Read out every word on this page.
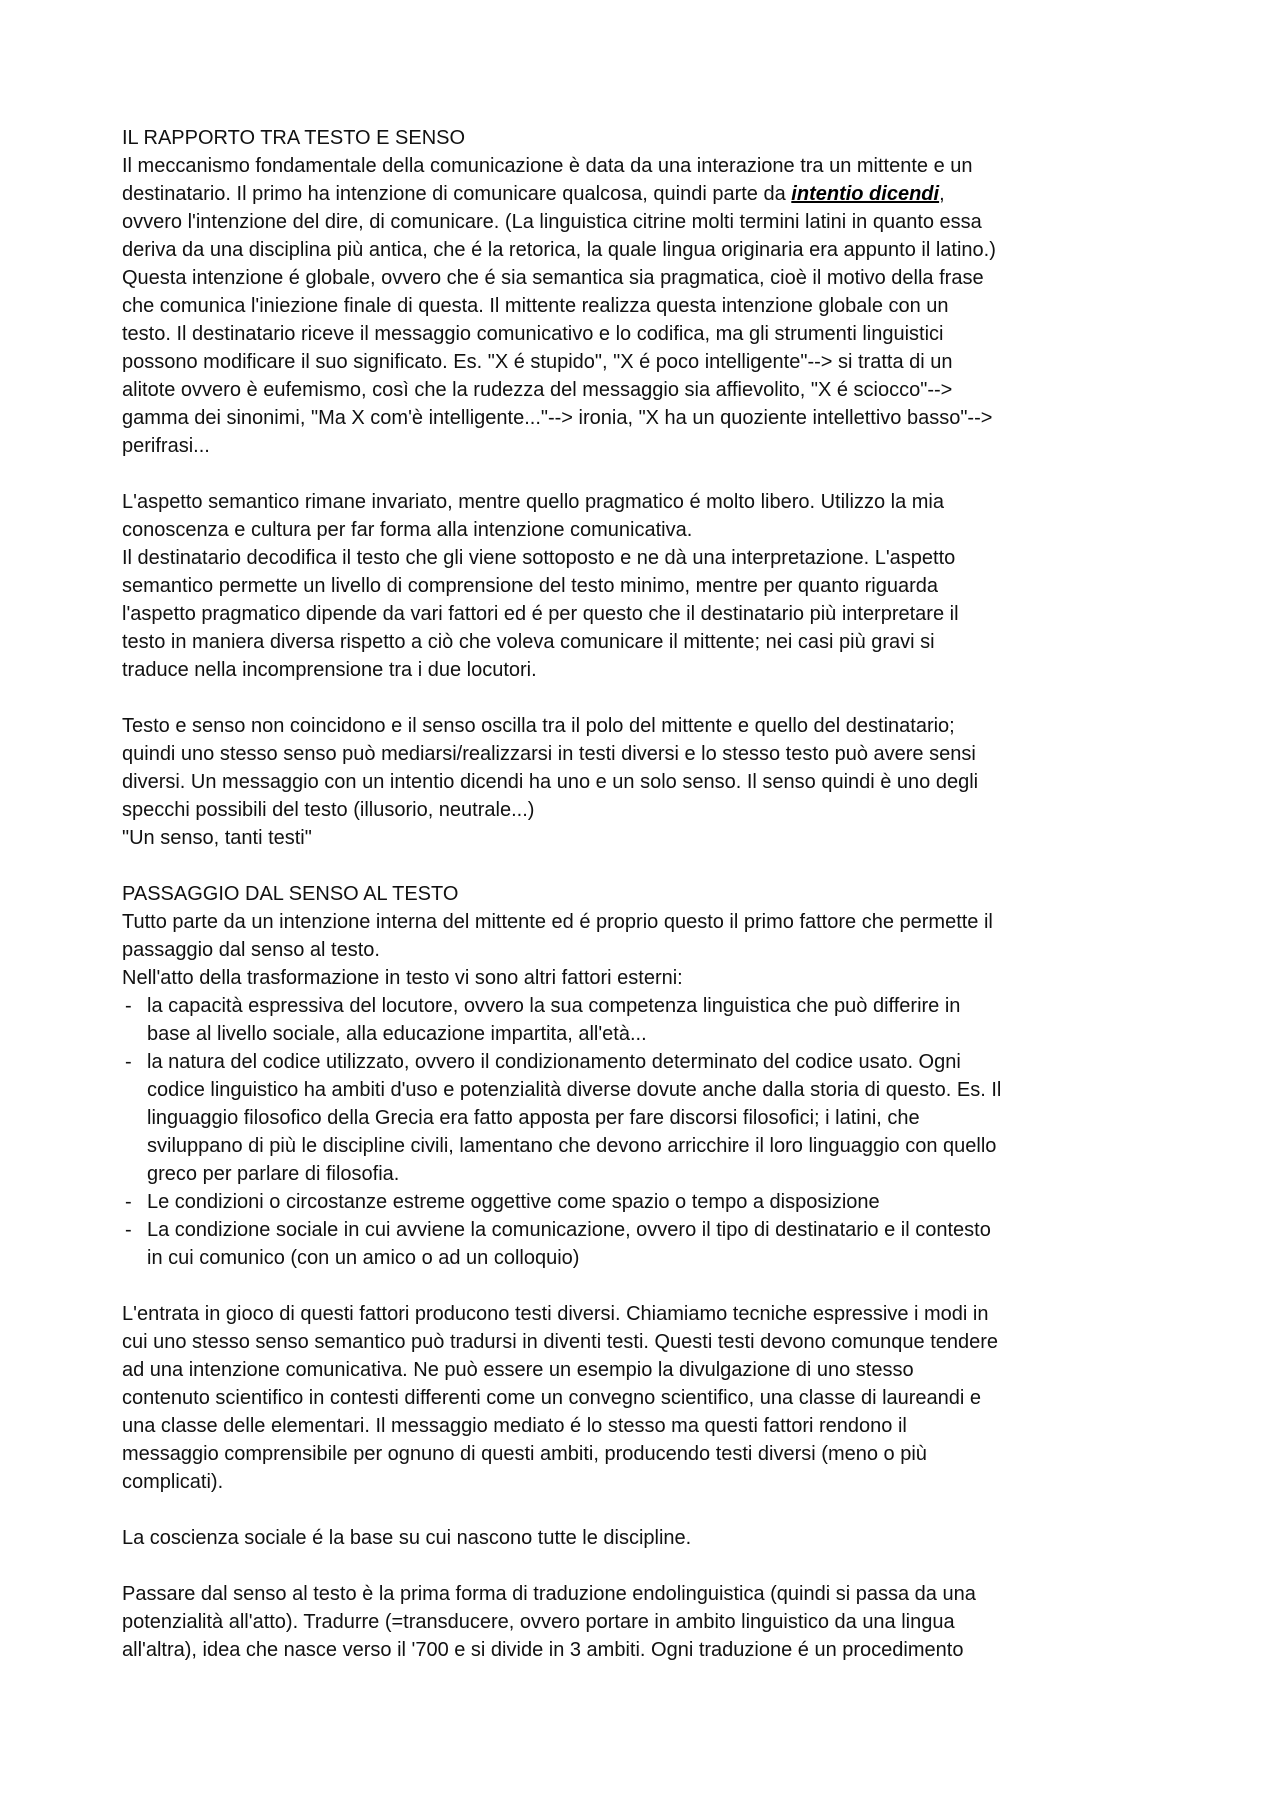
IL RAPPORTO TRA TESTO E SENSO
Il meccanismo fondamentale della comunicazione è data da una interazione tra un mittente e un
destinatario. Il primo ha intenzione di comunicare qualcosa, quindi parte da intentio dicendi,
ovvero l'intenzione del dire, di comunicare. (La linguistica citrine molti termini latini in quanto essa
deriva da una disciplina più antica, che é la retorica, la quale lingua originaria era appunto il latino.)
Questa intenzione é globale, ovvero che é sia semantica sia pragmatica, cioè il motivo della frase
che comunica l'iniezione finale di questa. Il mittente realizza questa intenzione globale con un
testo. Il destinatario riceve il messaggio comunicativo e lo codifica, ma gli strumenti linguistici
possono modificare il suo significato. Es. "X é stupido", "X é poco intelligente"--> si tratta di un
alitote ovvero è eufemismo, così che la rudezza del messaggio sia affievolito, "X é sciocco"-->
gamma dei sinonimi, "Ma X com'è intelligente..."--> ironia, "X ha un quoziente intellettivo basso"-->
perifrasi...
L'aspetto semantico rimane invariato, mentre quello pragmatico é molto libero. Utilizzo la mia
conoscenza e cultura per far forma alla intenzione comunicativa.
Il destinatario decodifica il testo che gli viene sottoposto e ne dà una interpretazione. L'aspetto
semantico permette un livello di comprensione del testo minimo, mentre per quanto riguarda
l'aspetto pragmatico dipende da vari fattori ed é per questo che il destinatario più interpretare il
testo in maniera diversa rispetto a ciò che voleva comunicare il mittente; nei casi più gravi si
traduce nella incomprensione tra i due locutori.
Testo e senso non coincidono e il senso oscilla tra il polo del mittente e quello del destinatario;
quindi uno stesso senso può mediarsi/realizzarsi in testi diversi e lo stesso testo può avere sensi
diversi. Un messaggio con un intentio dicendi ha uno e un solo senso. Il senso quindi è uno degli
specchi possibili del testo (illusorio, neutrale...)
"Un senso, tanti testi"
PASSAGGIO DAL SENSO AL TESTO
Tutto parte da un intenzione interna del mittente ed é proprio questo il primo fattore che permette il
passaggio dal senso al testo.
Nell'atto della trasformazione in testo vi sono altri fattori esterni:
- la capacità espressiva del locutore, ovvero la sua competenza linguistica che può differire in
base al livello sociale, alla educazione impartita, all'età...
- la natura del codice utilizzato, ovvero il condizionamento determinato del codice usato. Ogni
codice linguistico ha ambiti d'uso e potenzialità diverse dovute anche dalla storia di questo. Es. Il
linguaggio filosofico della Grecia era fatto apposta per fare discorsi filosofici; i latini, che
sviluppano di più le discipline civili, lamentano che devono arricchire il loro linguaggio con quello
greco per parlare di filosofia.
- Le condizioni o circostanze estreme oggettive come spazio o tempo a disposizione
- La condizione sociale in cui avviene la comunicazione, ovvero il tipo di destinatario e il contesto
in cui comunico (con un amico o ad un colloquio)
L'entrata in gioco di questi fattori producono testi diversi. Chiamiamo tecniche espressive i modi in
cui uno stesso senso semantico può tradursi in diventi testi. Questi testi devono comunque tendere
ad una intenzione comunicativa. Ne può essere un esempio la divulgazione di uno stesso
contenuto scientifico in contesti differenti come un convegno scientifico, una classe di laureandi e
una classe delle elementari. Il messaggio mediato é lo stesso ma questi fattori rendono il
messaggio comprensibile per ognuno di questi ambiti, producendo testi diversi (meno o più
complicati).
La coscienza sociale é la base su cui nascono tutte le discipline.
Passare dal senso al testo è la prima forma di traduzione endolinguistica (quindi si passa da una
potenzialità all'atto). Tradurre (=transducere, ovvero portare in ambito linguistico da una lingua
all'altra), idea che nasce verso il '700 e si divide in 3 ambiti. Ogni traduzione é un procedimento
